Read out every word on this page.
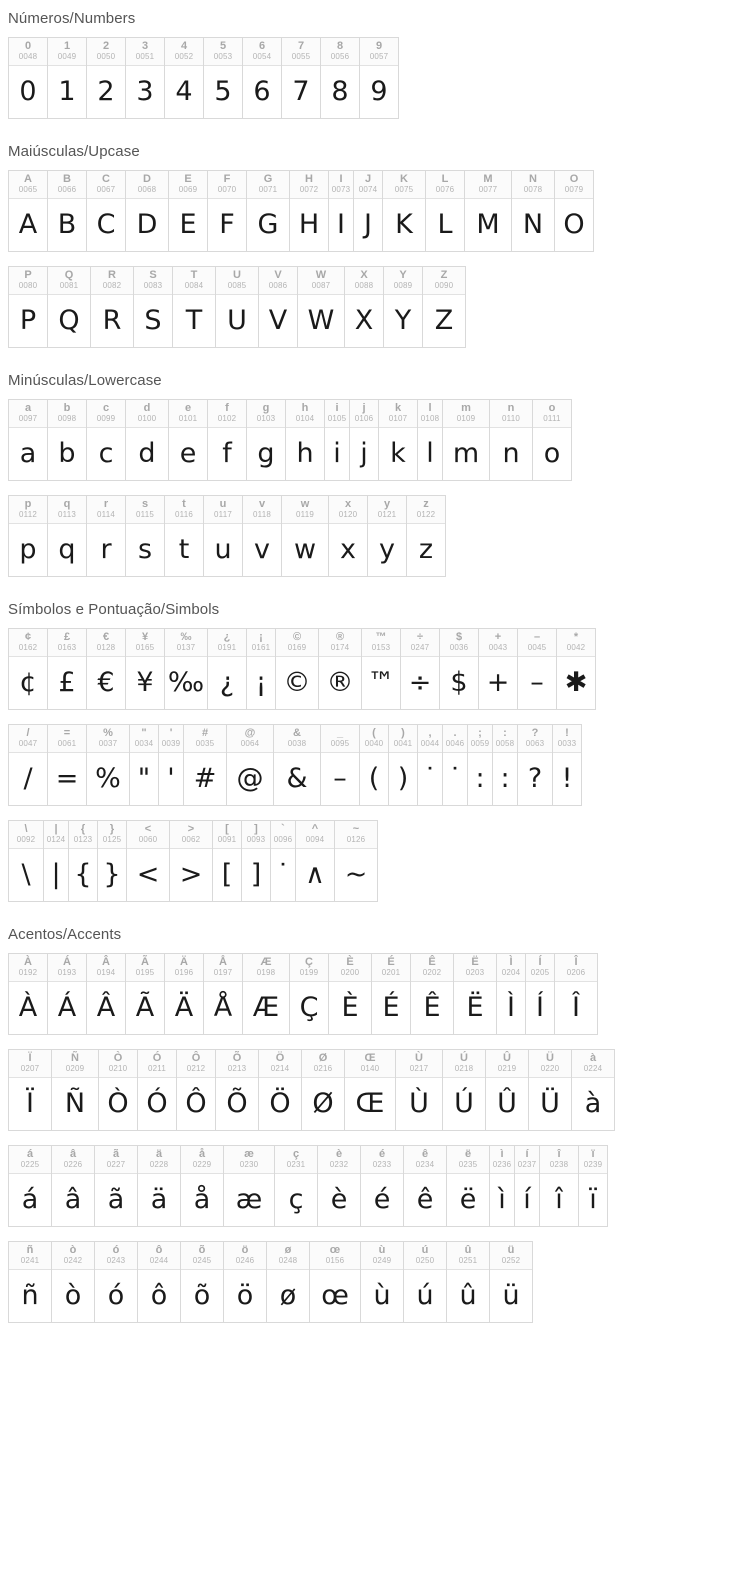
Números/Numbers
0
0048
0
1
0049
1
2
0050
2
3
0051
3
4
0052
4
5
0053
5
6
0054
6
7
0055
7
8
0056
8
9
0057
9
Maiúsculas/Upcase
A
0065
A
B
0066
B
C
0067
C
D
0068
D
E
0069
E
F
0070
F
G
0071
G
H
0072
H
I
0073
I
J
0074
J
K
0075
K
L
0076
L
M
0077
M
N
0078
N
O
0079
O
P
0080
P
Q
0081
Q
R
0082
R
S
0083
S
T
0084
T
U
0085
U
V
0086
V
W
0087
W
X
0088
X
Y
0089
Y
Z
0090
Z
Minúsculas/Lowercase
a
0097
a
b
0098
b
c
0099
c
d
0100
d
e
0101
e
f
0102
f
g
0103
g
h
0104
h
i
0105
i
j
0106
j
k
0107
k
l
0108
l
m
0109
m
n
0110
n
o
0111
o
p
0112
p
q
0113
q
r
0114
r
s
0115
s
t
0116
t
u
0117
u
v
0118
v
w
0119
w
x
0120
x
y
0121
y
z
0122
z
Símbolos e Pontuação/Simbols
¢
0162
¢
£
0163
£
€
0128
€
¥
0165
¥
‰
0137
‰
¿
0191
¿
¡
0161
¡
©
0169
©
®
0174
®
™
0153
™
÷
0247
÷
$
0036
$
+
0043
+
–
0045
–
*
0042
✱
/
0047
/
=
0061
=
%
0037
%
"
0034
"
'
0039
'
#
0035
#
@
0064
@
&
0038
&
_
0095
–
(
0040
(
)
0041
)
,
0044
˙
.
0046
˙
;
0059
:
:
0058
:
?
0063
?
!
0033
!
\
0092
\
|
0124
|
{
0123
{
}
0125
}
<
0060
<
>
0062
>
[
0091
[
]
0093
]
`
0096
˙
^
0094
∧
~
0126
~
Acentos/Accents
À
0192
À
Á
0193
Á
Â
0194
Â
Ã
0195
Ã
Ä
0196
Ä
Å
0197
Å
Æ
0198
Æ
Ç
0199
Ç
È
0200
È
É
0201
É
Ê
0202
Ê
Ë
0203
Ë
Ì
0204
Ì
Í
0205
Í
Î
0206
Î
Ï
0207
Ï
Ñ
0209
Ñ
Ò
0210
Ò
Ó
0211
Ó
Ô
0212
Ô
Õ
0213
Õ
Ö
0214
Ö
Ø
0216
Ø
Œ
0140
Œ
Ù
0217
Ù
Ú
0218
Ú
Û
0219
Û
Ü
0220
Ü
à
0224
à
á
0225
á
â
0226
â
ã
0227
ã
ä
0228
ä
å
0229
å
æ
0230
æ
ç
0231
ç
è
0232
è
é
0233
é
ê
0234
ê
ë
0235
ë
ì
0236
ì
í
0237
í
î
0238
î
ï
0239
ï
ñ
0241
ñ
ò
0242
ò
ó
0243
ó
ô
0244
ô
õ
0245
õ
ö
0246
ö
ø
0248
ø
œ
0156
œ
ù
0249
ù
ú
0250
ú
û
0251
û
ü
0252
ü
